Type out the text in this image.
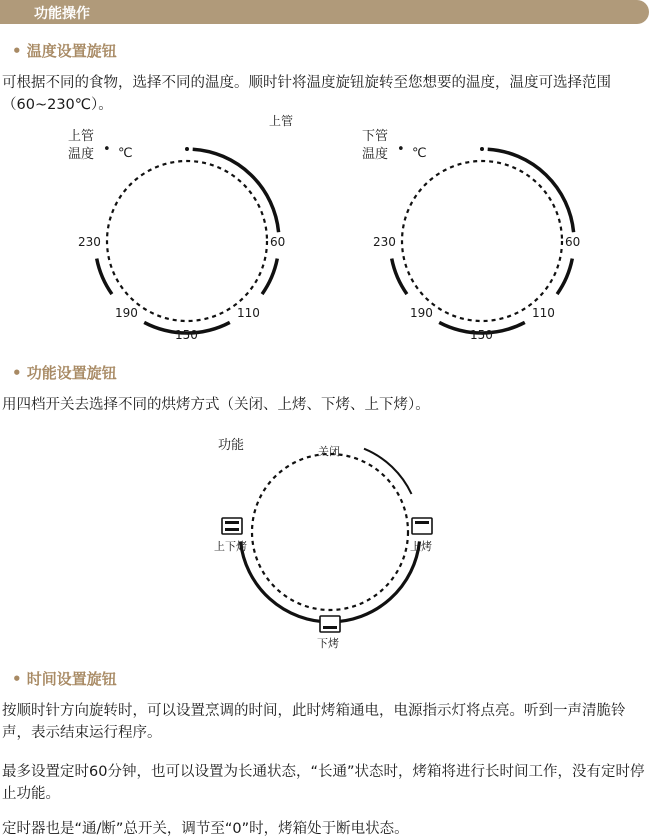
功能操作
• 温度设置旋钮

可根据不同的食物，选择不同的温度。顺时针将温度旋钮旋转至您想要的温度，温度可选择范围（60~230℃）。

上管
上管
温度 • ℃
60
110
150
190
230
下管
温度 • ℃
60
110
150
190
230
• 功能设置旋钮

用四档开关去选择不同的烘烤方式（关闭、上烤、下烤、上下烤）。

功能	关闭
上烤
下烤
上下烤
• 时间设置旋钮

按顺时针方向旋转时，可以设置烹调的时间，此时烤箱通电，电源指示灯将点亮。听到一声清脆铃声，表示结束运行程序。

最多设置定时60分钟，也可以设置为长通状态，“长通”状态时，烤箱将进行长时间工作，没有定时停止功能。

定时器也是“通/断”总开关，调节至“0”时，烤箱处于断电状态。
